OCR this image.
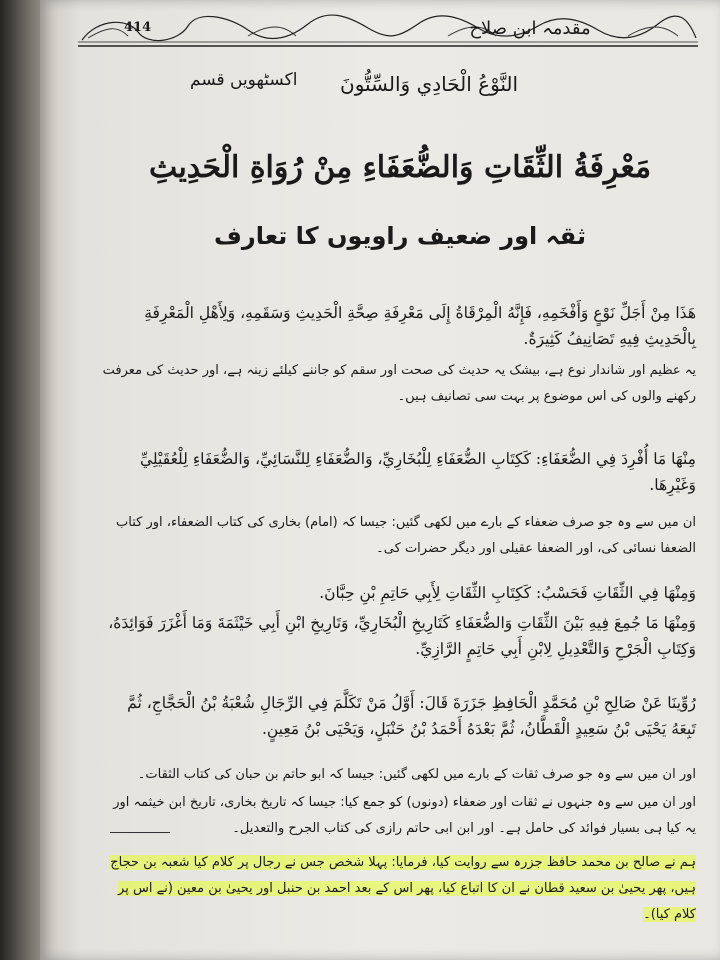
414	مقدمہ ابن صلاح
اکسٹھویں قسم النَّوْعُ الْحَادِي وَالسِّتُّونَ
مَعْرِفَةُ الثِّقَاتِ وَالضُّعَفَاءِ مِنْ رُوَاةِ الْحَدِيثِ
ثقہ اور ضعیف راویوں کا تعارف
هَذَا مِنْ أَجَلِّ نَوْعٍ وَأَفْخَمِهِ، فَإِنَّهُ الْمِرْقَاةُ إِلَى مَعْرِفَةِ صِحَّةِ الْحَدِيثِ وَسَقَمِهِ، وَلِأَهْلِ الْمَعْرِفَةِ بِالْحَدِيثِ فِيهِ تَصَانِيفُ كَثِيرَةٌ.
یہ عظیم اور شاندار نوع ہے، بیشک یہ حدیث کی صحت اور سقم کو جاننے کیلئے زینہ ہے، اور حدیث کی معرفت رکھنے والوں کی اس موضوع پر بہت سی تصانیف ہیں۔
مِنْهَا مَا أُفْرِدَ فِي الضُّعَفَاءِ: كَكِتَابِ الضُّعَفَاءِ لِلْبُخَارِيِّ، وَالضُّعَفَاءِ لِلنَّسَائِيِّ، وَالضُّعَفَاءِ لِلْعُقَيْلِيِّ وَغَيْرِهَا.
ان میں سے وہ جو صرف ضعفاء کے بارے میں لکھی گئیں: جیسا کہ (امام) بخاری کی کتاب الضعفاء، اور کتاب الضعفا نسائی کی، اور الضعفا عقیلی اور دیگر حضرات کی۔
وَمِنْهَا فِي الثِّقَاتِ فَحَسْبُ: كَكِتَابِ الثِّقَاتِ لِأَبِي حَاتِمِ بْنِ حِبَّانَ.
وَمِنْهَا مَا جُمِعَ فِيهِ بَيْنَ الثِّقَاتِ وَالضُّعَفَاءِ كَتَارِيخِ الْبُخَارِيِّ، وَتَارِيخِ ابْنِ أَبِي خَيْثَمَةَ وَمَا أَغْزَرَ فَوَائِدَهُ، وَكِتَابِ الْجَرْحِ وَالتَّعْدِيلِ لِابْنِ أَبِي حَاتِمٍ الرَّازِيِّ.
رُوِّينَا عَنْ صَالِحِ بْنِ مُحَمَّدٍ الْحَافِظِ جَزَرَةَ قَالَ: أَوَّلُ مَنْ تَكَلَّمَ فِي الرِّجَالِ شُعْبَةُ بْنُ الْحَجَّاجِ، ثُمَّ تَبِعَهُ يَحْيَى بْنُ سَعِيدٍ الْقَطَّانُ، ثُمَّ بَعْدَهُ أَحْمَدُ بْنُ حَنْبَلٍ، وَيَحْيَى بْنُ مَعِينٍ.
اور ان میں سے وہ جو صرف ثقات کے بارے میں لکھی گئیں: جیسا کہ ابو حاتم بن حبان کی کتاب الثقات۔
اور ان میں سے وہ جنہوں نے ثقات اور ضعفاء (دونوں) کو جمع کیا: جیسا کہ تاریخ بخاری، تاریخ ابن خیثمہ اور یہ کیا ہی بسیار فوائد کی حامل ہے۔ اور ابن ابی حاتم رازی کی کتاب الجرح والتعدیل۔
ہم نے صالح بن محمد حافظ جزرہ سے روایت کیا، فرمایا: پہلا شخص جس نے رجال پر کلام کیا شعبہ بن حجاج ہیں، پھر یحییٰ بن سعید قطان نے ان کا اتباع کیا، پھر اس کے بعد احمد بن حنبل اور یحییٰ بن معین (نے اس پر کلام کیا)۔
